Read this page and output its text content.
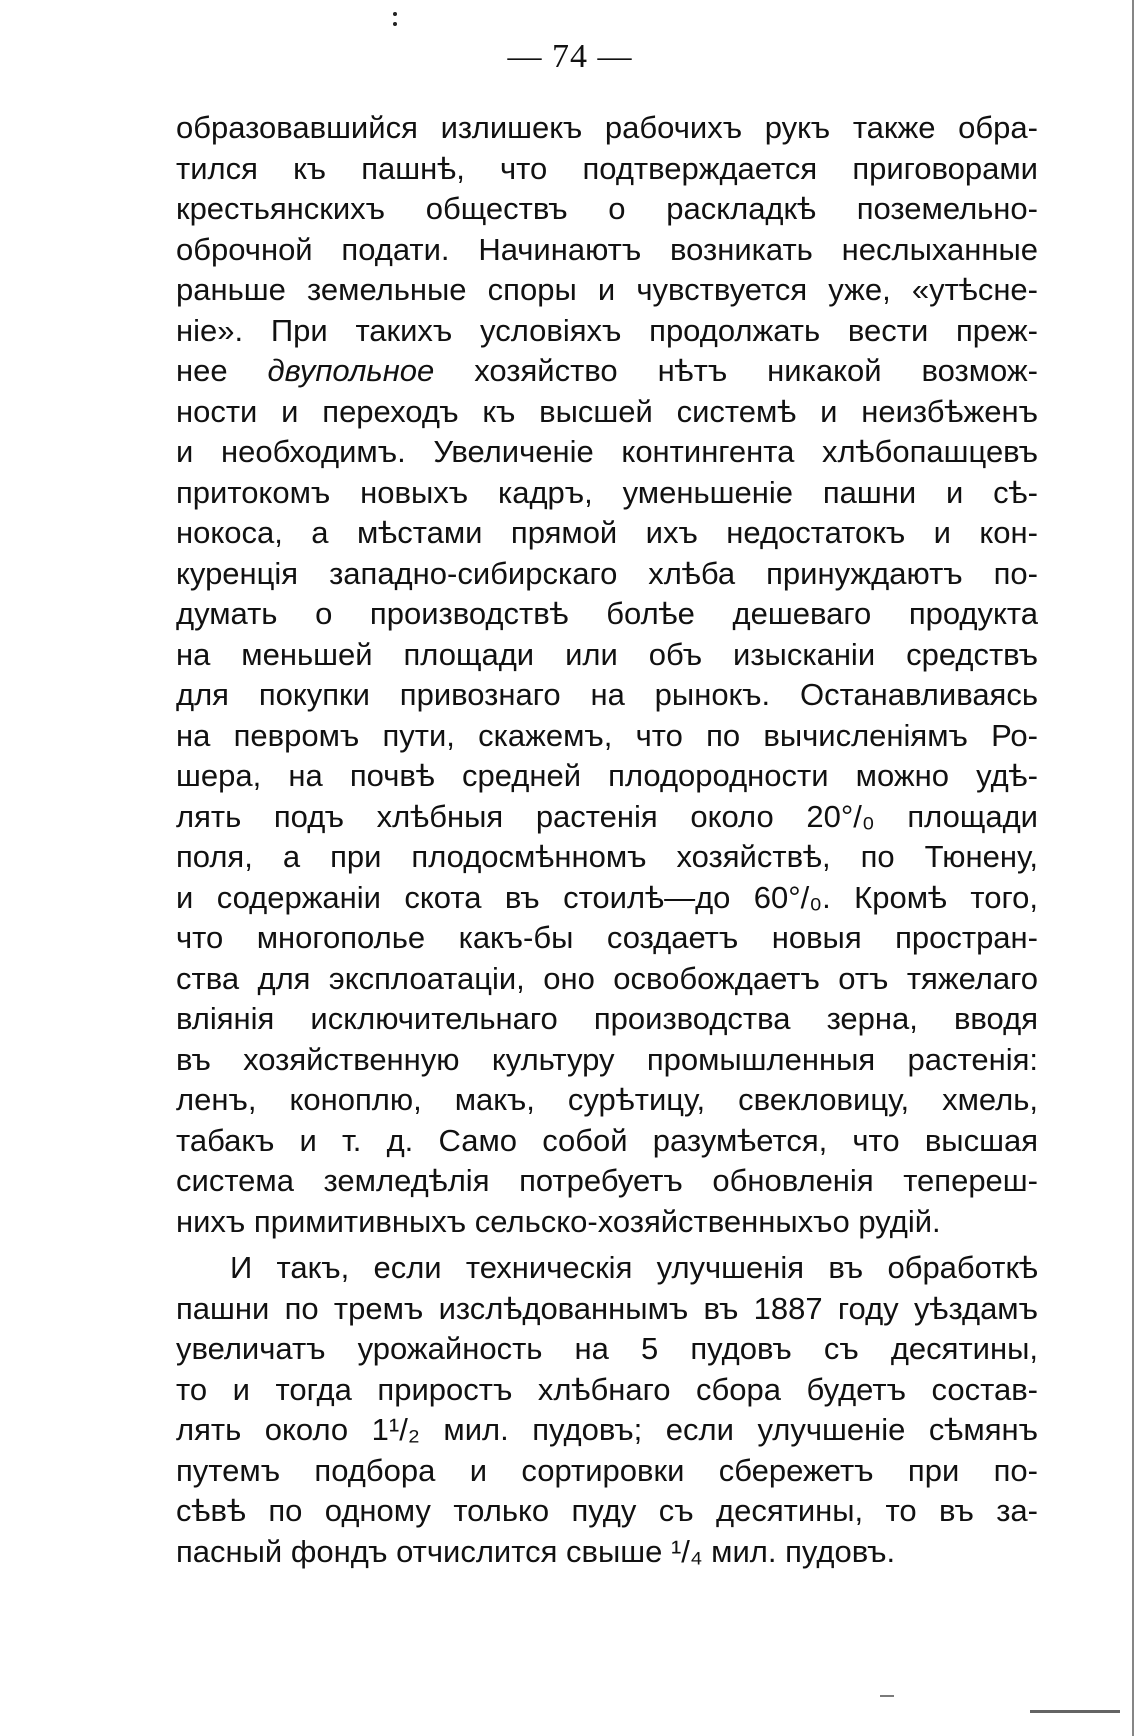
— 74 —
образовавшийся излишекъ рабочихъ рукъ также обра-
тился къ пашнѣ, что подтверждается приговорами
крестьянскихъ обществъ о раскладкѣ поземельно-
оброчной подати. Начинаютъ возникать неслыханные
раньше земельные споры и чувствуется уже, «утѣсне-
нiе». При такихъ условiяхъ продолжать вести преж-
нее двупольное хозяйство нѣтъ никакой возмож-
ности и переходъ къ высшей системѣ и неизбѣженъ
и необходимъ. Увеличенiе контингента хлѣбопашцевъ
притокомъ новыхъ кадръ, уменьшенiе пашни и сѣ-
нокоса, а мѣстами прямой ихъ недостатокъ и кон-
куренцiя западно-сибирскаго хлѣба принуждаютъ по-
думать о производствѣ болѣе дешеваго продукта
на меньшей площади или объ изысканiи средствъ
для покупки привознаго на рынокъ. Останавливаясь
на певромъ пути, скажемъ, что по вычисленiямъ Ро-
шера, на почвѣ средней плодородности можно удѣ-
лять подъ хлѣбныя растенiя около 20°/₀ площади
поля, а при плодосмѣнномъ хозяйствѣ, по Тюнену,
и содержанiи скота въ стоилѣ—до 60°/₀. Кромѣ того,
что многополье какъ-бы создаетъ новыя простран-
ства для эксплоатацiи, оно освобождаетъ отъ тяжелаго
влiянiя исключительнаго производства зерна, вводя
въ хозяйственную культуру промышленныя растенiя:
ленъ, коноплю, макъ, сурѣтицу, свекловицу, хмель,
табакъ и т. д. Само собой разумѣется, что высшая
система земледѣлiя потребуетъ обновленiя тепереш-
нихъ примитивныхъ сельско-хозяйственныхъо рудiй.
И такъ, если техническiя улучшенiя въ обработкѣ
пашни по тремъ изслѣдованнымъ въ 1887 году уѣздамъ
увеличатъ урожайность на 5 пудовъ съ десятины,
то и тогда приростъ хлѣбнаго сбора будетъ состав-
лять около 1¹/₂ мил. пудовъ; если улучшенiе сѣмянъ
путемъ подбора и сортировки сбережетъ при по-
сѣвѣ по одному только пуду съ десятины, то въ за-
пасный фондъ отчислится свыше ¹/₄ мил. пудовъ.
